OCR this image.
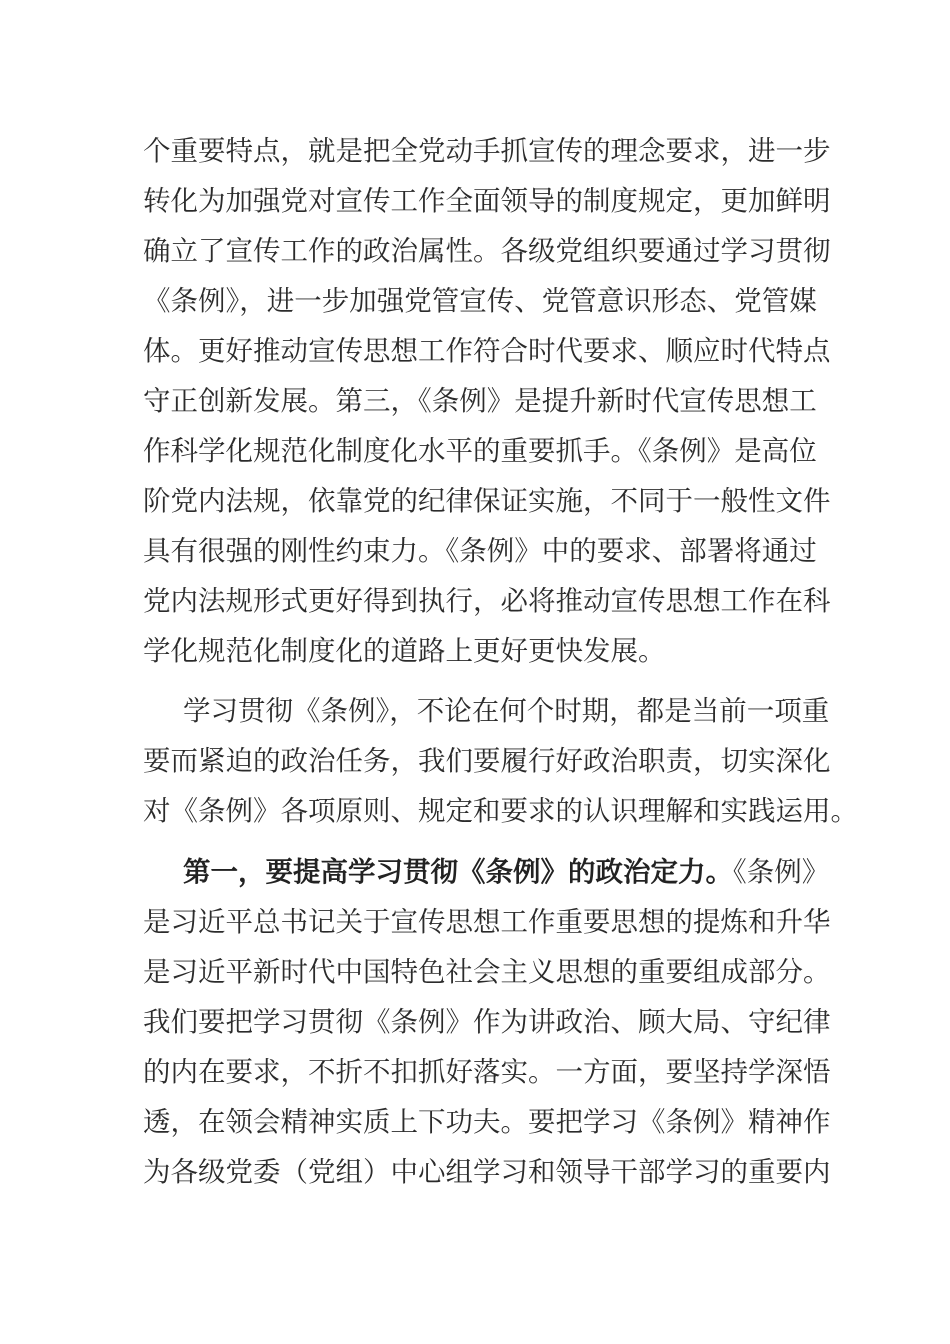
个重要特点，就是把全党动手抓宣传的理念要求，进一步
转化为加强党对宣传工作全面领导的制度规定，更加鲜明
确立了宣传工作的政治属性。各级党组织要通过学习贯彻
《条例》，进一步加强党管宣传、党管意识形态、党管媒
体。更好推动宣传思想工作符合时代要求、顺应时代特点
守正创新发展。第三，《条例》是提升新时代宣传思想工
作科学化规范化制度化水平的重要抓手。《条例》是高位
阶党内法规，依靠党的纪律保证实施，不同于一般性文件
具有很强的刚性约束力。《条例》中的要求、部署将通过
党内法规形式更好得到执行，必将推动宣传思想工作在科
学化规范化制度化的道路上更好更快发展。
学习贯彻《条例》，不论在何个时期，都是当前一项重
要而紧迫的政治任务，我们要履行好政治职责，切实深化
对《条例》各项原则、规定和要求的认识理解和实践运用。
第一，要提高学习贯彻《条例》的政治定力。《条例》
是习近平总书记关于宣传思想工作重要思想的提炼和升华
是习近平新时代中国特色社会主义思想的重要组成部分。
我们要把学习贯彻《条例》作为讲政治、顾大局、守纪律
的内在要求，不折不扣抓好落实。一方面，要坚持学深悟
透，在领会精神实质上下功夫。要把学习《条例》精神作
为各级党委（党组）中心组学习和领导干部学习的重要内
